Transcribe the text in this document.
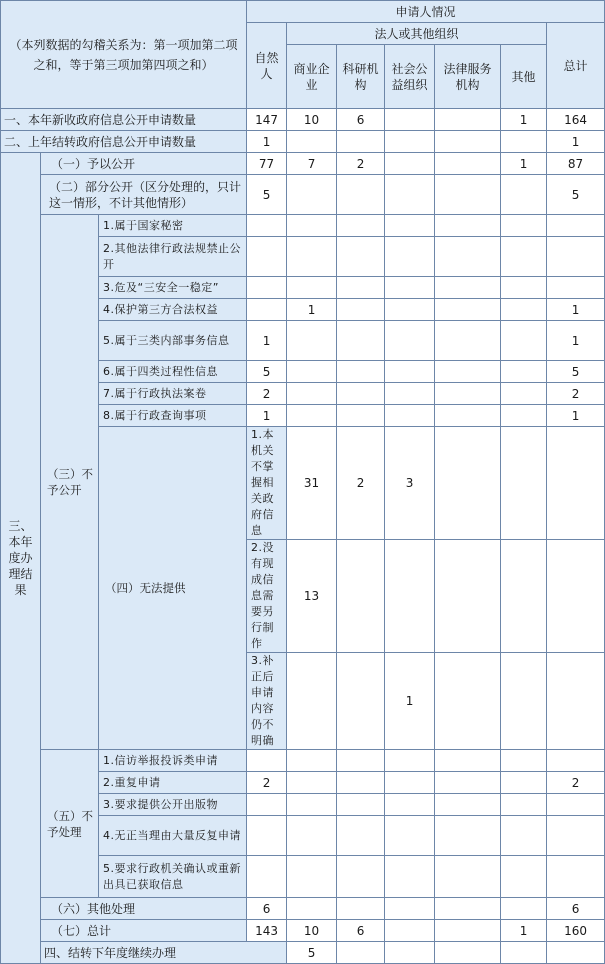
（本列数据的勾稽关系为：第一项加第二项之和，等于第三项加第四项之和）			申请人情况							
			自然人	法人或其他组织					总计	
				商业企业	科研机构	社会公益组织	法律服务机构	其他		
一、本年新收政府信息公开申请数量			147	10	6			1	164	
二、上年结转政府信息公开申请数量			1						1	
三、本年度办理结果	（一）予以公开		77	7	2			1	87	
	（二）部分公开（区分处理的，只计这一情形，不计其他情形）		5						5	
	（三）不予公开	1.属于国家秘密								
		2.其他法律行政法规禁止公开								
		3.危及“三安全一稳定”								
		4.保护第三方合法权益		1					1	
		5.属于三类内部事务信息	1						1	
		6.属于四类过程性信息	5						5	
		7.属于行政执法案卷	2						2	
		8.属于行政查询事项	1						1	
		（四）无法提供	1.本机关不掌握相关政府信息	31	2	3				
			2.没有现成信息需要另行制作	13						
			3.补正后申请内容仍不明确			1				
	（五）不予处理	1.信访举报投诉类申请								
		2.重复申请	2						2	
		3.要求提供公开出版物								
		4.无正当理由大量反复申请								
		5.要求行政机关确认或重新出具已获取信息								
	（六）其他处理		6						6	
	（七）总计		143	10	6			1	160	
	四、结转下年度继续办理			5						
